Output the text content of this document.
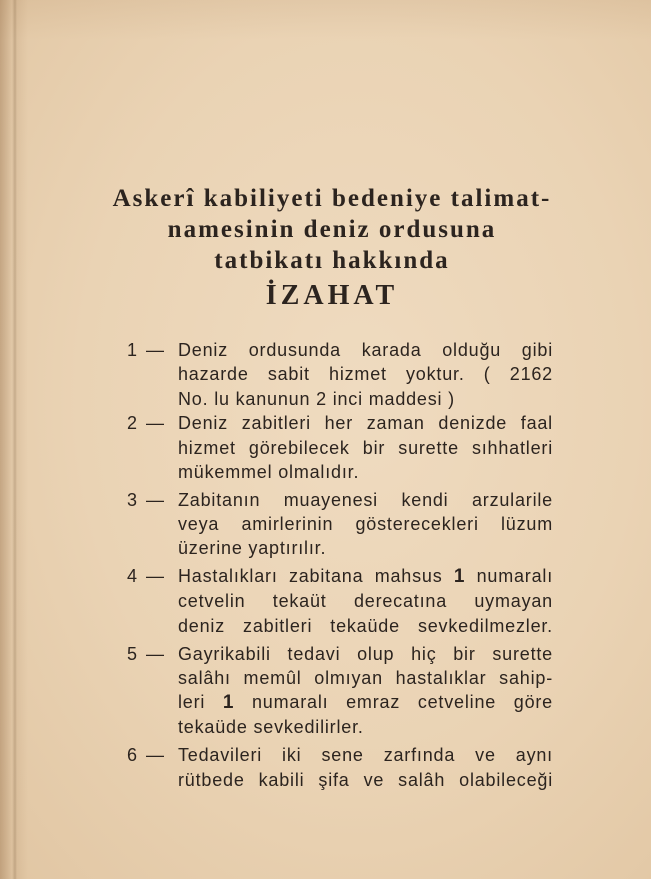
Askerî kabiliyeti bedeniye talimat-
namesinin deniz ordusuna
tatbikatı hakkında
İZAHAT
1 — Deniz ordusunda karada olduğu gibi
hazarde sabit hizmet yoktur. ( 2162
No. lu kanunun 2 inci maddesi )
2 — Deniz zabitleri her zaman denizde faal
hizmet görebilecek bir surette sıhhatleri
mükemmel olmalıdır.
3 — Zabitanın muayenesi kendi arzularile
veya amirlerinin gösterecekleri lüzum
üzerine yaptırılır.
4 — Hastalıkları zabitana mahsus 1 numaralı
cetvelin tekaüt derecatına uymayan
deniz zabitleri tekaüde sevkedilmezler.
5 — Gayrikabili tedavi olup hiç bir surette
salâhı memûl olmıyan hastalıklar sahip-
leri 1 numaralı emraz cetveline göre
tekaüde sevkedilirler.
6 — Tedavileri iki sene zarfında ve aynı
rütbede kabili şifa ve salâh olabileceği
